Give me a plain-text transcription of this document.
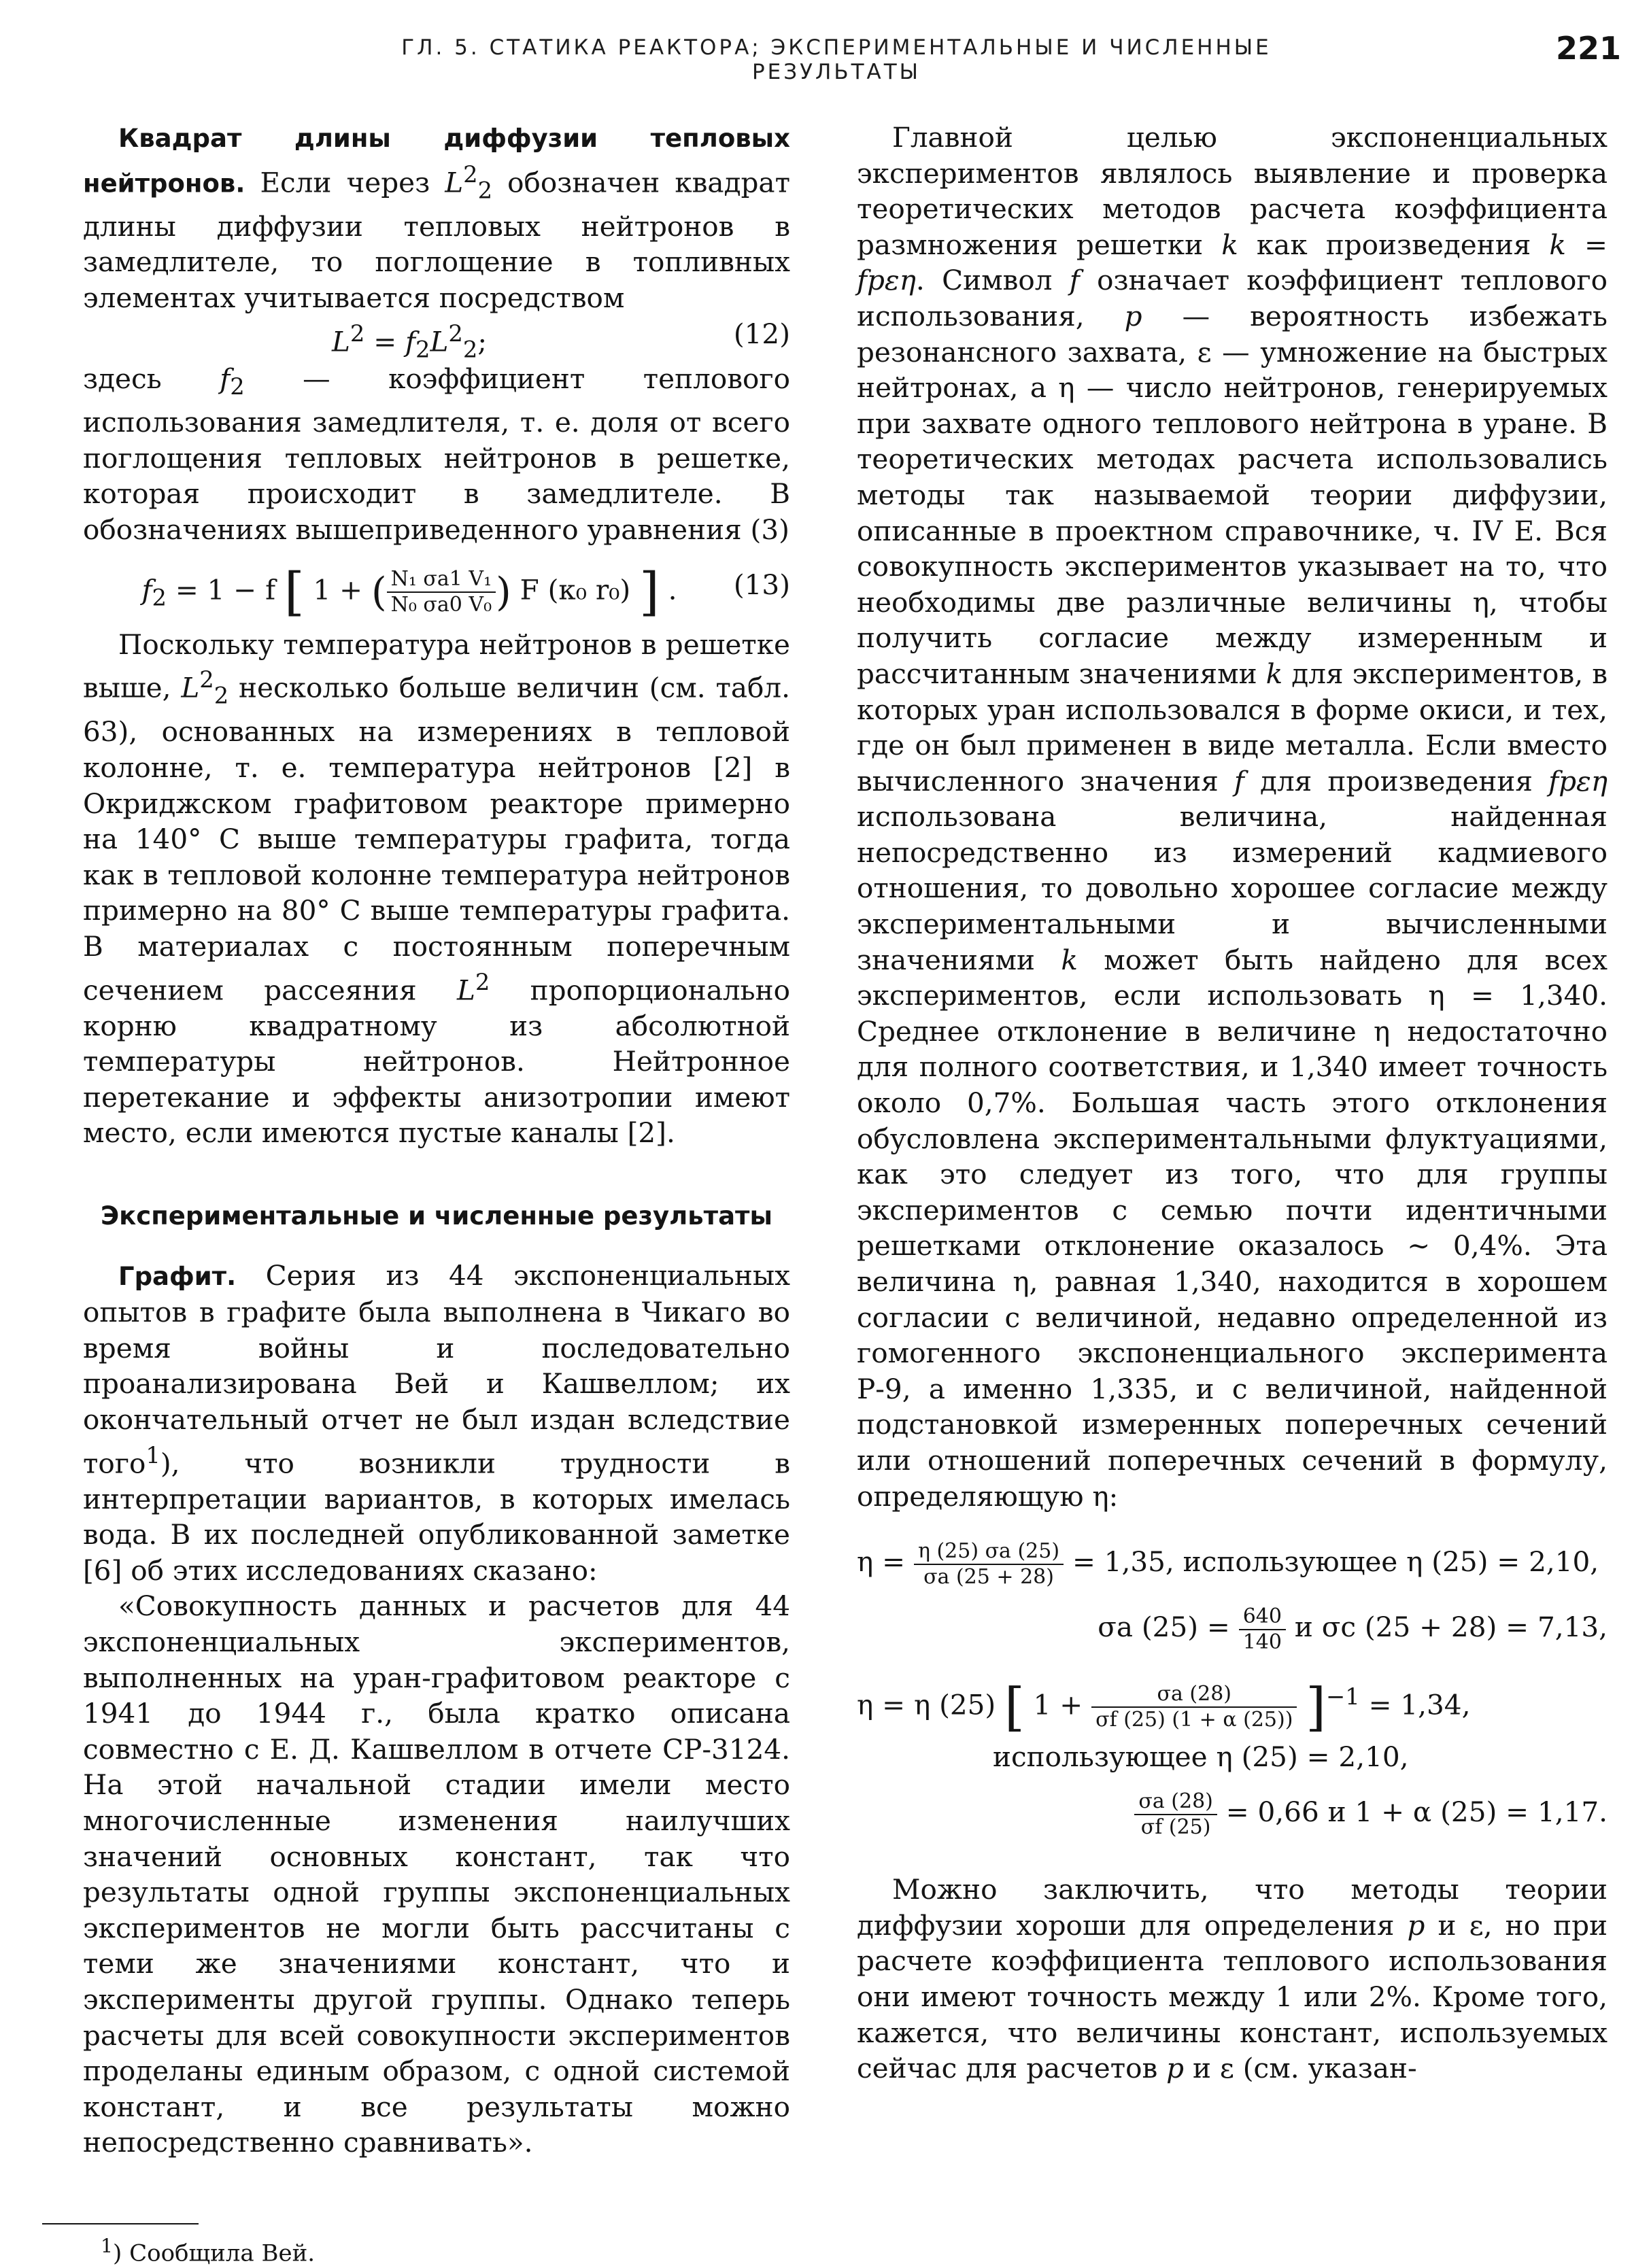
ГЛ. 5. СТАТИКА РЕАКТОРА; ЭКСПЕРИМЕНТАЛЬНЫЕ И ЧИСЛЕННЫЕ РЕЗУЛЬТАТЫ
221

Квадрат длины диффузии тепловых нейтронов. Если через $L^2_2$ обозначен квадрат длины диффузии тепловых нейтронов в замедлителе, то поглощение в топливных элементах учитывается посредством

$L^2 = f_2L^2_2$;	(12)

здесь $f_2$ — коэффициент теплового использования замедлителя, т. е. доля от всего поглощения тепловых нейтронов в решетке, которая происходит в замедлителе. В обозначениях вышеприведенного уравнения (3)

$f_2 = 1 - f$ [ 1 + ( $\frac{\text{N₁ σa1 V₁}}{\text{N₀ σa0 V₀}}$ ) F (κ₀ r₀) ] .	(13)

Поскольку температура нейтронов в решетке выше, $L^2_2$ несколько больше величин (см. табл. 63), основанных на измерениях в тепловой колонне, т. е. температура нейтронов [2] в Окриджском графитовом реакторе примерно на 140° С выше температуры графита, тогда как в тепловой колонне температура нейтронов примерно на 80° С выше температуры графита. В материалах с постоянным поперечным сечением рассеяния $L^2$ пропорционально корню квадратному из абсолютной температуры нейтронов. Нейтронное перетекание и эффекты анизотропии имеют место, если имеются пустые каналы [2].

Экспериментальные и численные результаты

Графит. Серия из 44 экспоненциальных опытов в графите была выполнена в Чикаго во время войны и последовательно проанализирована Вей и Кашвеллом; их окончательный отчет не был издан вследствие того$^1$), что возникли трудности в интерпретации вариантов, в которых имелась вода. В их последней опубликованной заметке [6] об этих исследованиях сказано:

«Совокупность данных и расчетов для 44 экспоненциальных экспериментов, выполненных на уран-графитовом реакторе с 1941 до 1944 г., была кратко описана совместно с Е. Д. Кашвеллом в отчете СР-3124. На этой начальной стадии имели место многочисленные изменения наилучших значений основных констант, так что результаты одной группы экспоненциальных экспериментов не могли быть рассчитаны с теми же значениями констант, что и эксперименты другой группы. Однако теперь расчеты для всей совокупности экспериментов проделаны единым образом, с одной системой констант, и все результаты можно непосредственно сравнивать».

$^1$) Сообщила Вей.

Главной целью экспоненциальных экспериментов являлось выявление и проверка теоретических методов расчета коэффициента размножения решетки k как произведения k = fpεη. Символ f означает коэффициент теплового использования, p — вероятность избежать резонансного захвата, ε — умножение на быстрых нейтронах, а η — число нейтронов, генерируемых при захвате одного теплового нейтрона в уране. В теоретических методах расчета использовались методы так называемой теории диффузии, описанные в проектном справочнике, ч. IV E. Вся совокупность экспериментов указывает на то, что необходимы две различные величины η, чтобы получить согласие между измеренным и рассчитанным значениями k для экспериментов, в которых уран использовался в форме окиси, и тех, где он был применен в виде металла. Если вместо вычисленного значения f для произведения fpεη использована величина, найденная непосредственно из измерений кадмиевого отношения, то довольно хорошее согласие между экспериментальными и вычисленными значениями k может быть найдено для всех экспериментов, если использовать η = 1,340. Среднее отклонение в величине η недостаточно для полного соответствия, и 1,340 имеет точность около 0,7%. Большая часть этого отклонения обусловлена экспериментальными флуктуациями, как это следует из того, что для группы экспериментов с семью почти идентичными решетками отклонение оказалось ∼ 0,4%. Эта величина η, равная 1,340, находится в хорошем согласии с величиной, недавно определенной из гомогенного экспоненциального эксперимента Р-9, а именно 1,335, и с величиной, найденной подстановкой измеренных поперечных сечений или отношений поперечных сечений в формулу, определяющую η:

$\eta = \frac{\eta (25) \sigma a (25)}{\sigma a (25 + 28)} = 1,35$, использующее η (25) = 2,10,
σa $(25) = \frac{640}{140}$ и σc (25 + 28) = 7,13,
η = η (25) [ $1 + \frac{\sigma a (28)}{\sigma f (25) (1 + \alpha (25))} ]^{-1} = 1,34$,
использующее η (25) = 2,10,
$\frac{\sigma a (28)}{\sigma f (25)} = 0,66$ и 1 + α (25) = 1,17.

Можно заключить, что методы теории диффузии хороши для определения p и ε, но при расчете коэффициента теплового использования они имеют точность между 1 или 2%. Кроме того, кажется, что величины констант, используемых сейчас для расчетов p и ε (см. указан-
